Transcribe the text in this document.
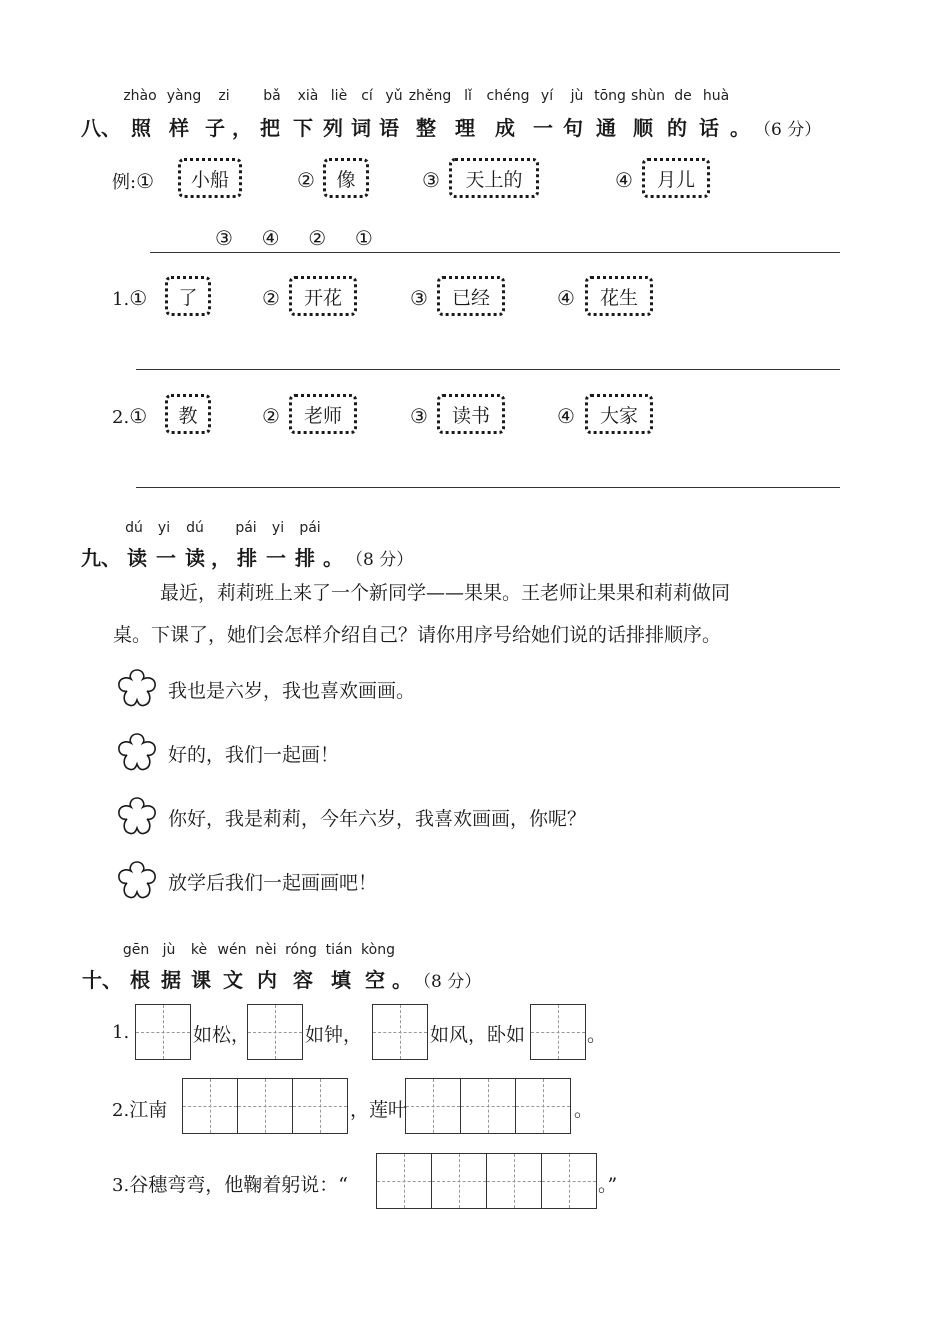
zhào yàng zi bǎ xià liè cí yǔ zhěng lǐ chéng yí jù tōng shùn de huà
八、 照 样 子 ， 把 下 列 词 语 整 理 成 一 句 通 顺 的 话 。 （6 分）
例:①	小船	②	像	③	天上的	④	月儿
③  ④  ②  ①
1.①	了	②	开花	③	已经	④	花生
2.①	教	②	老师	③	读书	④	大家
dú yi dú pái yi pái
九、 读 一 读 ， 排 一 排 。 （8 分）
最近，莉莉班上来了一个新同学——果果。王老师让果果和莉莉做同
桌。下课了，她们会怎样介绍自己？请你用序号给她们说的话排排顺序。
我也是六岁，我也喜欢画画。
好的，我们一起画！
你好，我是莉莉，今年六岁，我喜欢画画，你呢？
放学后我们一起画画吧！
gēn jù kè wén nèi róng tián kòng
十、 根 据 课 文 内 容 填 空 。 （8 分）
1.	如松，	如钟，	如风，卧如	。
2.江南	，莲叶	。
3.谷穗弯弯，他鞠着躬说：“	。”
